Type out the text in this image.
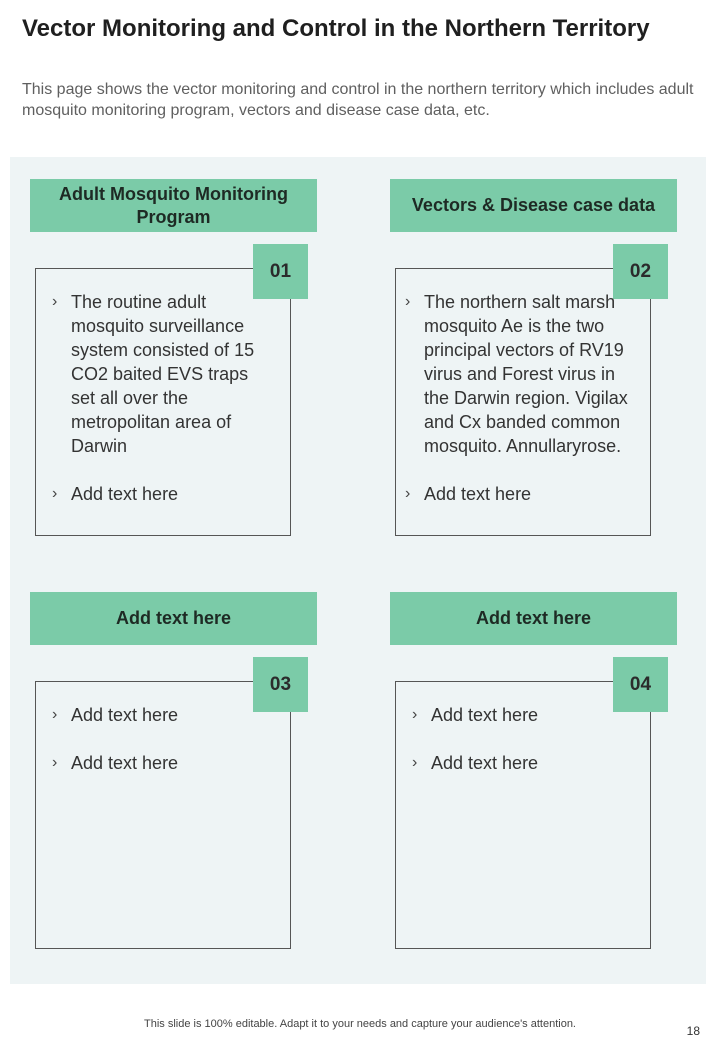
Vector Monitoring and Control in the Northern Territory

This page shows the vector monitoring and control in the northern territory which includes adult mosquito monitoring program, vectors and disease case data, etc.

Adult Mosquito Monitoring Program
01
› The routine adult mosquito surveillance system consisted of 15 CO2 baited EVS traps set all over the metropolitan area of Darwin
› Add text here
Vectors & Disease case data
02
› The northern salt marsh mosquito Ae is the two principal vectors of RV19 virus and Forest virus in the Darwin region. Vigilax and Cx banded common mosquito. Annullaryrose.
› Add text here
Add text here
03
› Add text here
› Add text here
Add text here
04
› Add text here
› Add text here
This slide is 100% editable. Adapt it to your needs and capture your audience's attention.	18
